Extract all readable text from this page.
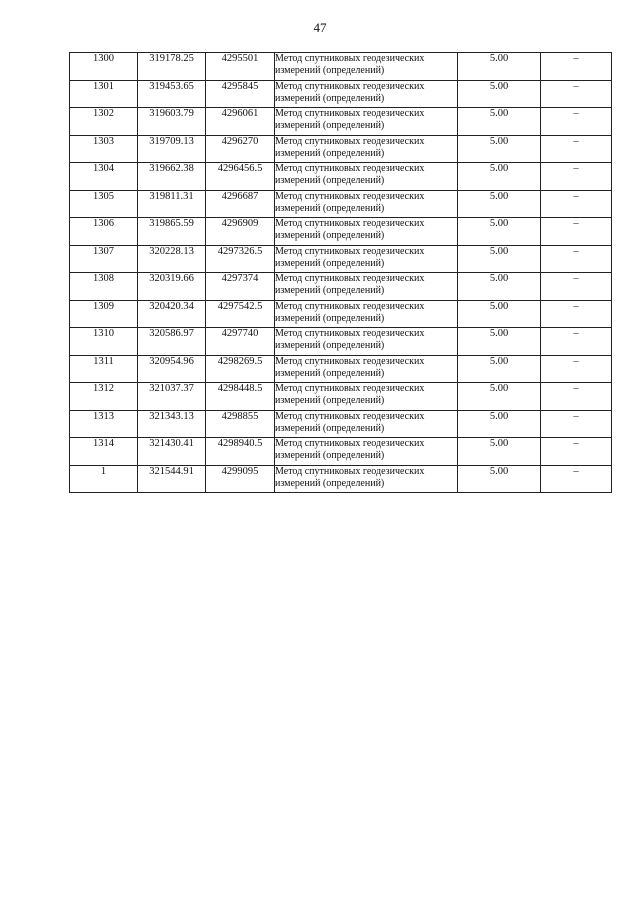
47
1300	319178.25	4295501	Метод спутниковых геодезических измерений (определений)	5.00	–
1301	319453.65	4295845	Метод спутниковых геодезических измерений (определений)	5.00	–
1302	319603.79	4296061	Метод спутниковых геодезических измерений (определений)	5.00	–
1303	319709.13	4296270	Метод спутниковых геодезических измерений (определений)	5.00	–
1304	319662.38	4296456.5	Метод спутниковых геодезических измерений (определений)	5.00	–
1305	319811.31	4296687	Метод спутниковых геодезических измерений (определений)	5.00	–
1306	319865.59	4296909	Метод спутниковых геодезических измерений (определений)	5.00	–
1307	320228.13	4297326.5	Метод спутниковых геодезических измерений (определений)	5.00	–
1308	320319.66	4297374	Метод спутниковых геодезических измерений (определений)	5.00	–
1309	320420.34	4297542.5	Метод спутниковых геодезических измерений (определений)	5.00	–
1310	320586.97	4297740	Метод спутниковых геодезических измерений (определений)	5.00	–
1311	320954.96	4298269.5	Метод спутниковых геодезических измерений (определений)	5.00	–
1312	321037.37	4298448.5	Метод спутниковых геодезических измерений (определений)	5.00	–
1313	321343.13	4298855	Метод спутниковых геодезических измерений (определений)	5.00	–
1314	321430.41	4298940.5	Метод спутниковых геодезических измерений (определений)	5.00	–
1	321544.91	4299095	Метод спутниковых геодезических измерений (определений)	5.00	–
